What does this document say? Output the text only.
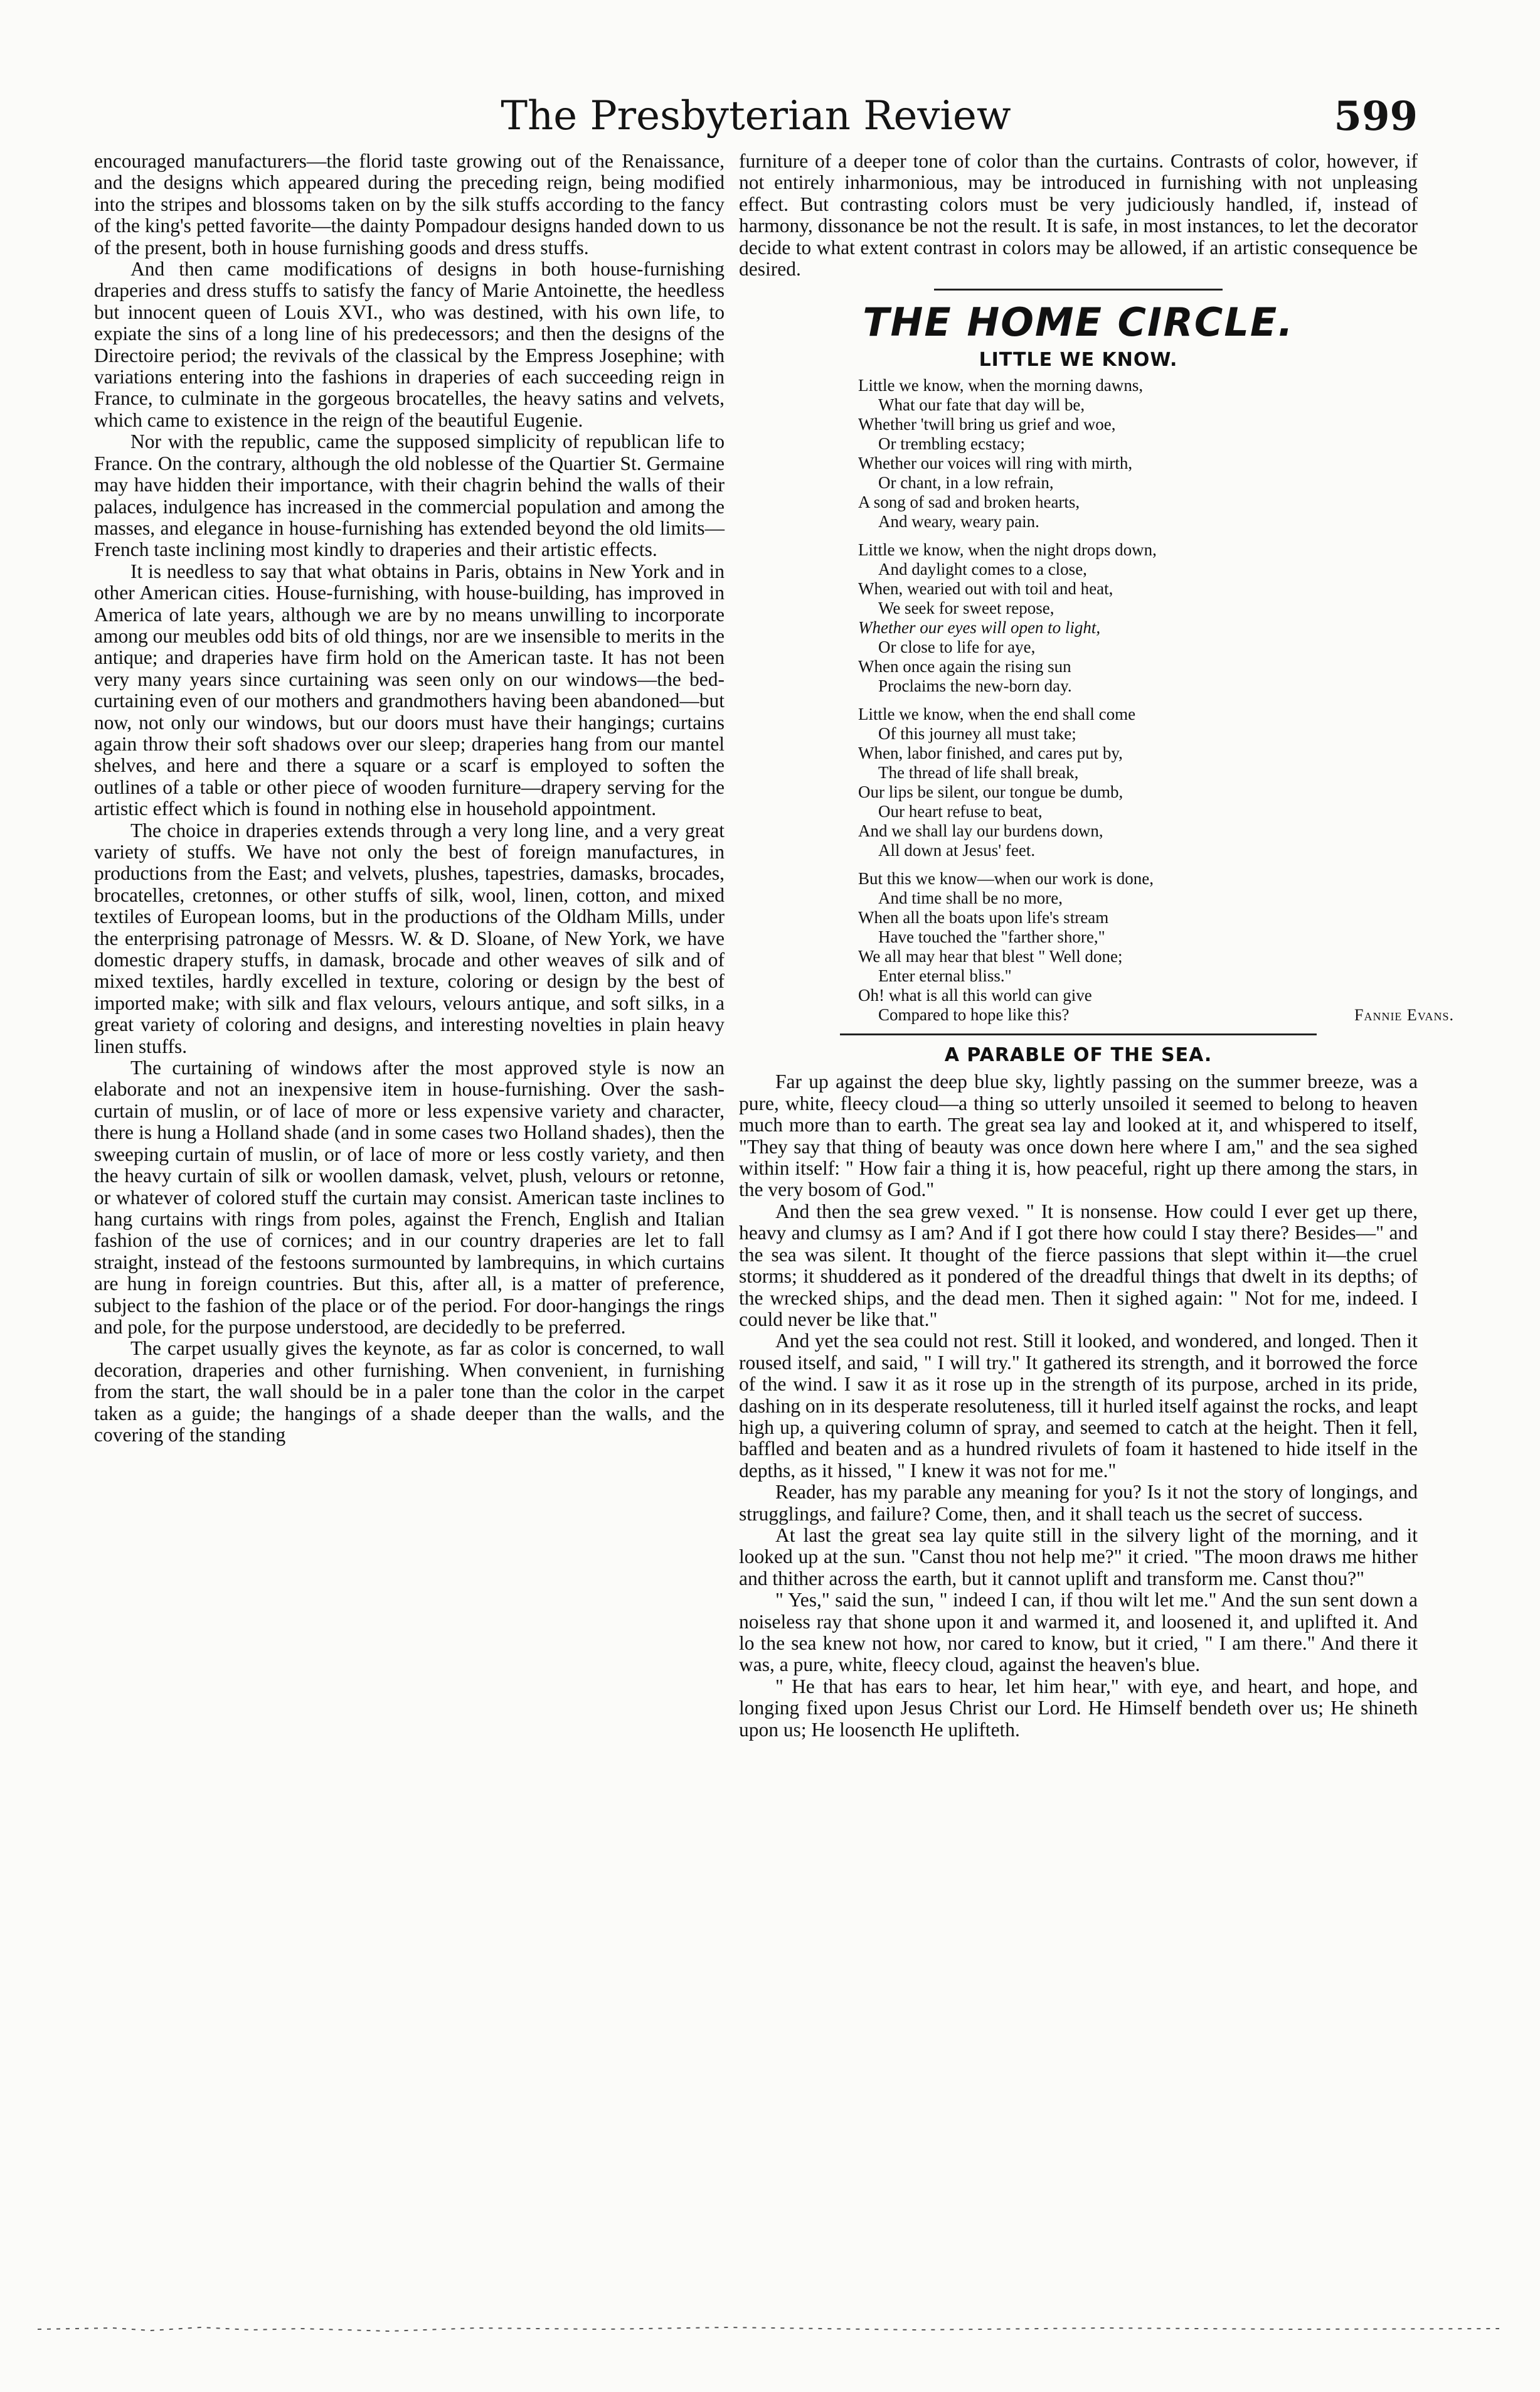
The Presbyterian Review	599

encouraged manufacturers—the florid taste growing out of the Renaissance, and the designs which appeared during the preceding reign, being modified into the stripes and blossoms taken on by the silk stuffs according to the fancy of the king's petted favorite—the dainty Pompadour designs handed down to us of the present, both in house furnishing goods and dress stuffs.

And then came modifications of designs in both house-furnishing draperies and dress stuffs to satisfy the fancy of Marie Antoinette, the heedless but innocent queen of Louis XVI., who was destined, with his own life, to expiate the sins of a long line of his predecessors; and then the designs of the Directoire period; the revivals of the classical by the Empress Josephine; with variations entering into the fashions in draperies of each succeeding reign in France, to culminate in the gorgeous brocatelles, the heavy satins and velvets, which came to existence in the reign of the beautiful Eugenie.

Nor with the republic, came the supposed simplicity of republican life to France. On the contrary, although the old noblesse of the Quartier St. Germaine may have hidden their importance, with their chagrin behind the walls of their palaces, indulgence has increased in the commercial population and among the masses, and elegance in house-furnishing has extended beyond the old limits—French taste inclining most kindly to draperies and their artistic effects.

It is needless to say that what obtains in Paris, obtains in New York and in other American cities. House-furnishing, with house-building, has improved in America of late years, although we are by no means unwilling to incorporate among our meubles odd bits of old things, nor are we insensible to merits in the antique; and draperies have firm hold on the American taste. It has not been very many years since curtaining was seen only on our windows—the bed-curtaining even of our mothers and grandmothers having been abandoned—but now, not only our windows, but our doors must have their hangings; curtains again throw their soft shadows over our sleep; draperies hang from our mantel shelves, and here and there a square or a scarf is employed to soften the outlines of a table or other piece of wooden furniture—drapery serving for the artistic effect which is found in nothing else in household appointment.

The choice in draperies extends through a very long line, and a very great variety of stuffs. We have not only the best of foreign manufactures, in productions from the East; and velvets, plushes, tapestries, damasks, brocades, brocatelles, cretonnes, or other stuffs of silk, wool, linen, cotton, and mixed textiles of European looms, but in the productions of the Oldham Mills, under the enterprising patronage of Messrs. W. & D. Sloane, of New York, we have domestic drapery stuffs, in damask, brocade and other weaves of silk and of mixed textiles, hardly excelled in texture, coloring or design by the best of imported make; with silk and flax velours, velours antique, and soft silks, in a great variety of coloring and designs, and interesting novelties in plain heavy linen stuffs.

The curtaining of windows after the most approved style is now an elaborate and not an inexpensive item in house-furnishing. Over the sash-curtain of muslin, or of lace of more or less expensive variety and character, there is hung a Holland shade (and in some cases two Holland shades), then the sweeping curtain of muslin, or of lace of more or less costly variety, and then the heavy curtain of silk or woollen damask, velvet, plush, velours or retonne, or whatever of colored stuff the curtain may consist. American taste inclines to hang curtains with rings from poles, against the French, English and Italian fashion of the use of cornices; and in our country draperies are let to fall straight, instead of the festoons surmounted by lambrequins, in which curtains are hung in foreign countries. But this, after all, is a matter of preference, subject to the fashion of the place or of the period. For door-hangings the rings and pole, for the purpose understood, are decidedly to be preferred.

The carpet usually gives the keynote, as far as color is concerned, to wall decoration, draperies and other furnishing. When convenient, in furnishing from the start, the wall should be in a paler tone than the color in the carpet taken as a guide; the hangings of a shade deeper than the walls, and the covering of the standing

furniture of a deeper tone of color than the curtains. Contrasts of color, however, if not entirely inharmonious, may be introduced in furnishing with not unpleasing effect. But contrasting colors must be very judiciously handled, if, instead of harmony, dissonance be not the result. It is safe, in most instances, to let the decorator decide to what extent contrast in colors may be allowed, if an artistic consequence be desired.

THE HOME CIRCLE.
LITTLE WE KNOW.
Little we know, when the morning dawns,
What our fate that day will be,
Whether 'twill bring us grief and woe,
Or trembling ecstacy;
Whether our voices will ring with mirth,
Or chant, in a low refrain,
A song of sad and broken hearts,
And weary, weary pain.
Little we know, when the night drops down,
And daylight comes to a close,
When, wearied out with toil and heat,
We seek for sweet repose,
Whether our eyes will open to light,
Or close to life for aye,
When once again the rising sun
Proclaims the new-born day.
Little we know, when the end shall come
Of this journey all must take;
When, labor finished, and cares put by,
The thread of life shall break,
Our lips be silent, our tongue be dumb,
Our heart refuse to beat,
And we shall lay our burdens down,
All down at Jesus' feet.
But this we know—when our work is done,
And time shall be no more,
When all the boats upon life's stream
Have touched the "farther shore,"
We all may hear that blest " Well done;
Enter eternal bliss."
Oh! what is all this world can give
Compared to hope like this?	Fannie Evans.
A PARABLE OF THE SEA.

Far up against the deep blue sky, lightly passing on the summer breeze, was a pure, white, fleecy cloud—a thing so utterly unsoiled it seemed to belong to heaven much more than to earth. The great sea lay and looked at it, and whispered to itself, "They say that thing of beauty was once down here where I am," and the sea sighed within itself: " How fair a thing it is, how peaceful, right up there among the stars, in the very bosom of God."

And then the sea grew vexed. " It is nonsense. How could I ever get up there, heavy and clumsy as I am? And if I got there how could I stay there? Besides—" and the sea was silent. It thought of the fierce passions that slept within it—the cruel storms; it shuddered as it pondered of the dreadful things that dwelt in its depths; of the wrecked ships, and the dead men. Then it sighed again: " Not for me, indeed. I could never be like that."

And yet the sea could not rest. Still it looked, and wondered, and longed. Then it roused itself, and said, " I will try." It gathered its strength, and it borrowed the force of the wind. I saw it as it rose up in the strength of its purpose, arched in its pride, dashing on in its desperate resoluteness, till it hurled itself against the rocks, and leapt high up, a quivering column of spray, and seemed to catch at the height. Then it fell, baffled and beaten and as a hundred rivulets of foam it hastened to hide itself in the depths, as it hissed, " I knew it was not for me."

Reader, has my parable any meaning for you? Is it not the story of longings, and strugglings, and failure? Come, then, and it shall teach us the secret of success.

At last the great sea lay quite still in the silvery light of the morning, and it looked up at the sun. "Canst thou not help me?" it cried. "The moon draws me hither and thither across the earth, but it cannot uplift and transform me. Canst thou?"

" Yes," said the sun, " indeed I can, if thou wilt let me." And the sun sent down a noiseless ray that shone upon it and warmed it, and loosened it, and uplifted it. And lo the sea knew not how, nor cared to know, but it cried, " I am there." And there it was, a pure, white, fleecy cloud, against the heaven's blue.

" He that has ears to hear, let him hear," with eye, and heart, and hope, and longing fixed upon Jesus Christ our Lord. He Himself bendeth over us; He shineth upon us; He loosencth He uplifteth.
